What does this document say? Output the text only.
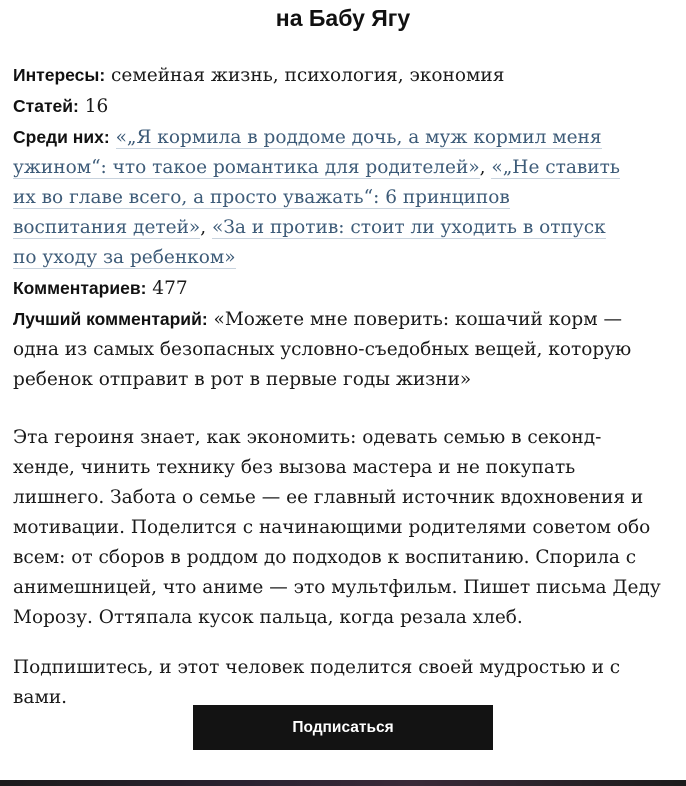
на Бабу Ягу
Интересы: семейная жизнь, психология, экономия
Статей: 16
Среди них: «„Я кормила в роддоме дочь, а муж кормил меня ужином“: что такое романтика для родителей», «„Не ставить их во главе всего, а просто уважать“: 6 принципов воспитания детей», «За и против: стоит ли уходить в отпуск по уходу за ребенком»
Комментариев: 477
Лучший комментарий: «Можете мне поверить: кошачий корм — одна из самых безопасных условно-съедобных вещей, которую ребенок отправит в рот в первые годы жизни»

Эта героиня знает, как экономить: одевать семью в секонд-хенде, чинить технику без вызова мастера и не покупать лишнего. Забота о семье — ее главный источник вдохновения и мотивации. Поделится с начинающими родителями советом обо всем: от сборов в роддом до подходов к воспитанию. Спорила с анимешницей, что аниме — это мультфильм. Пишет письма Деду Морозу. Оттяпала кусок пальца, когда резала хлеб.

Подпишитесь, и этот человек поделится своей мудростью и с вами.

Подписаться
